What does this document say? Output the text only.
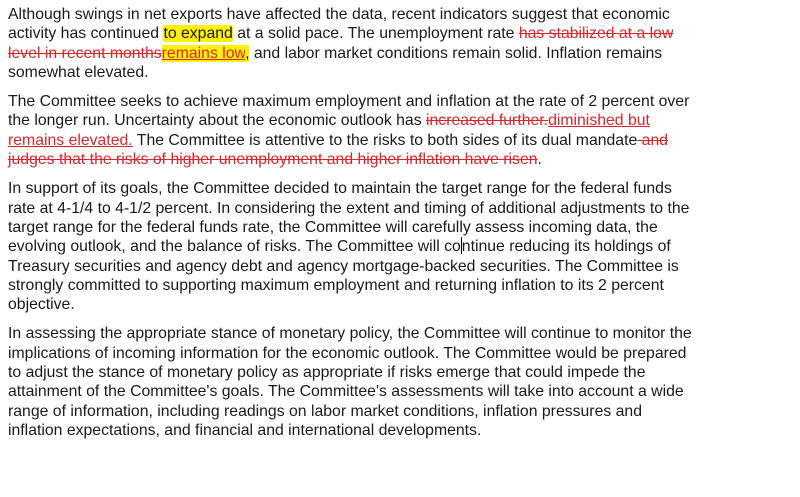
Although swings in net exports have affected the data, recent indicators suggest that economic
activity has continued to expand at a solid pace. The unemployment rate has stabilized at a low
level in recent monthsremains low, and labor market conditions remain solid. Inflation remains
somewhat elevated.

The Committee seeks to achieve maximum employment and inflation at the rate of 2 percent over
the longer run. Uncertainty about the economic outlook has increased further.diminished but
remains elevated. The Committee is attentive to the risks to both sides of its dual mandate and
judges that the risks of higher unemployment and higher inflation have risen.

In support of its goals, the Committee decided to maintain the target range for the federal funds
rate at 4-1/4 to 4-1/2 percent. In considering the extent and timing of additional adjustments to the
target range for the federal funds rate, the Committee will carefully assess incoming data, the
evolving outlook, and the balance of risks. The Committee will continue reducing its holdings of
Treasury securities and agency debt and agency mortgage-backed securities. The Committee is
strongly committed to supporting maximum employment and returning inflation to its 2 percent
objective.

In assessing the appropriate stance of monetary policy, the Committee will continue to monitor the
implications of incoming information for the economic outlook. The Committee would be prepared
to adjust the stance of monetary policy as appropriate if risks emerge that could impede the
attainment of the Committee's goals. The Committee's assessments will take into account a wide
range of information, including readings on labor market conditions, inflation pressures and
inflation expectations, and financial and international developments.
